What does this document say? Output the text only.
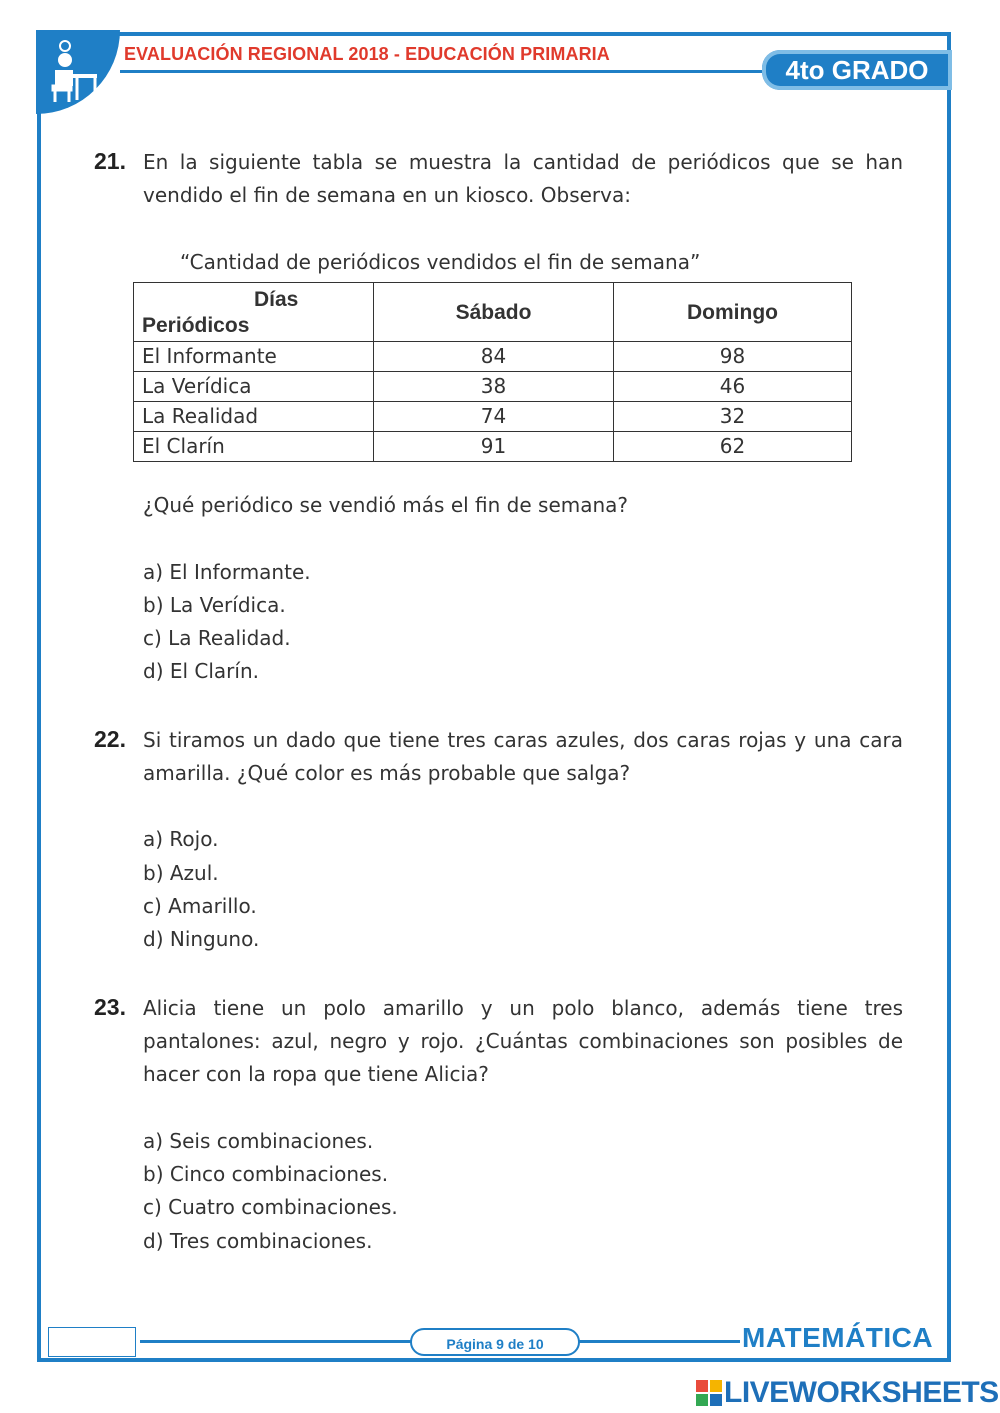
EVALUACIÓN REGIONAL 2018 - EDUCACIÓN PRIMARIA
4to GRADO
21. En la siguiente tabla se muestra la cantidad de periódicos que se han vendido el fin de semana en un kiosco. Observa:
“Cantidad de periódicos vendidos el fin de semana”
Días
Periódicos	Sábado	Domingo
El Informante	84	98
La Verídica	38	46
La Realidad	74	32
El Clarín	91	62
¿Qué periódico se vendió más el fin de semana?
a) El Informante.
b) La Verídica.
c) La Realidad.
d) El Clarín.
22. Si tiramos un dado que tiene tres caras azules, dos caras rojas y una cara amarilla. ¿Qué color es más probable que salga?
a) Rojo.
b) Azul.
c) Amarillo.
d) Ninguno.
23. Alicia tiene un polo amarillo y un polo blanco, además tiene tres pantalones: azul, negro y rojo. ¿Cuántas combinaciones son posibles de hacer con la ropa que tiene Alicia?
a) Seis combinaciones.
b) Cinco combinaciones.
c) Cuatro combinaciones.
d) Tres combinaciones.
Página 9 de 10	MATEMÁTICA
LIVEWORKSHEETS
